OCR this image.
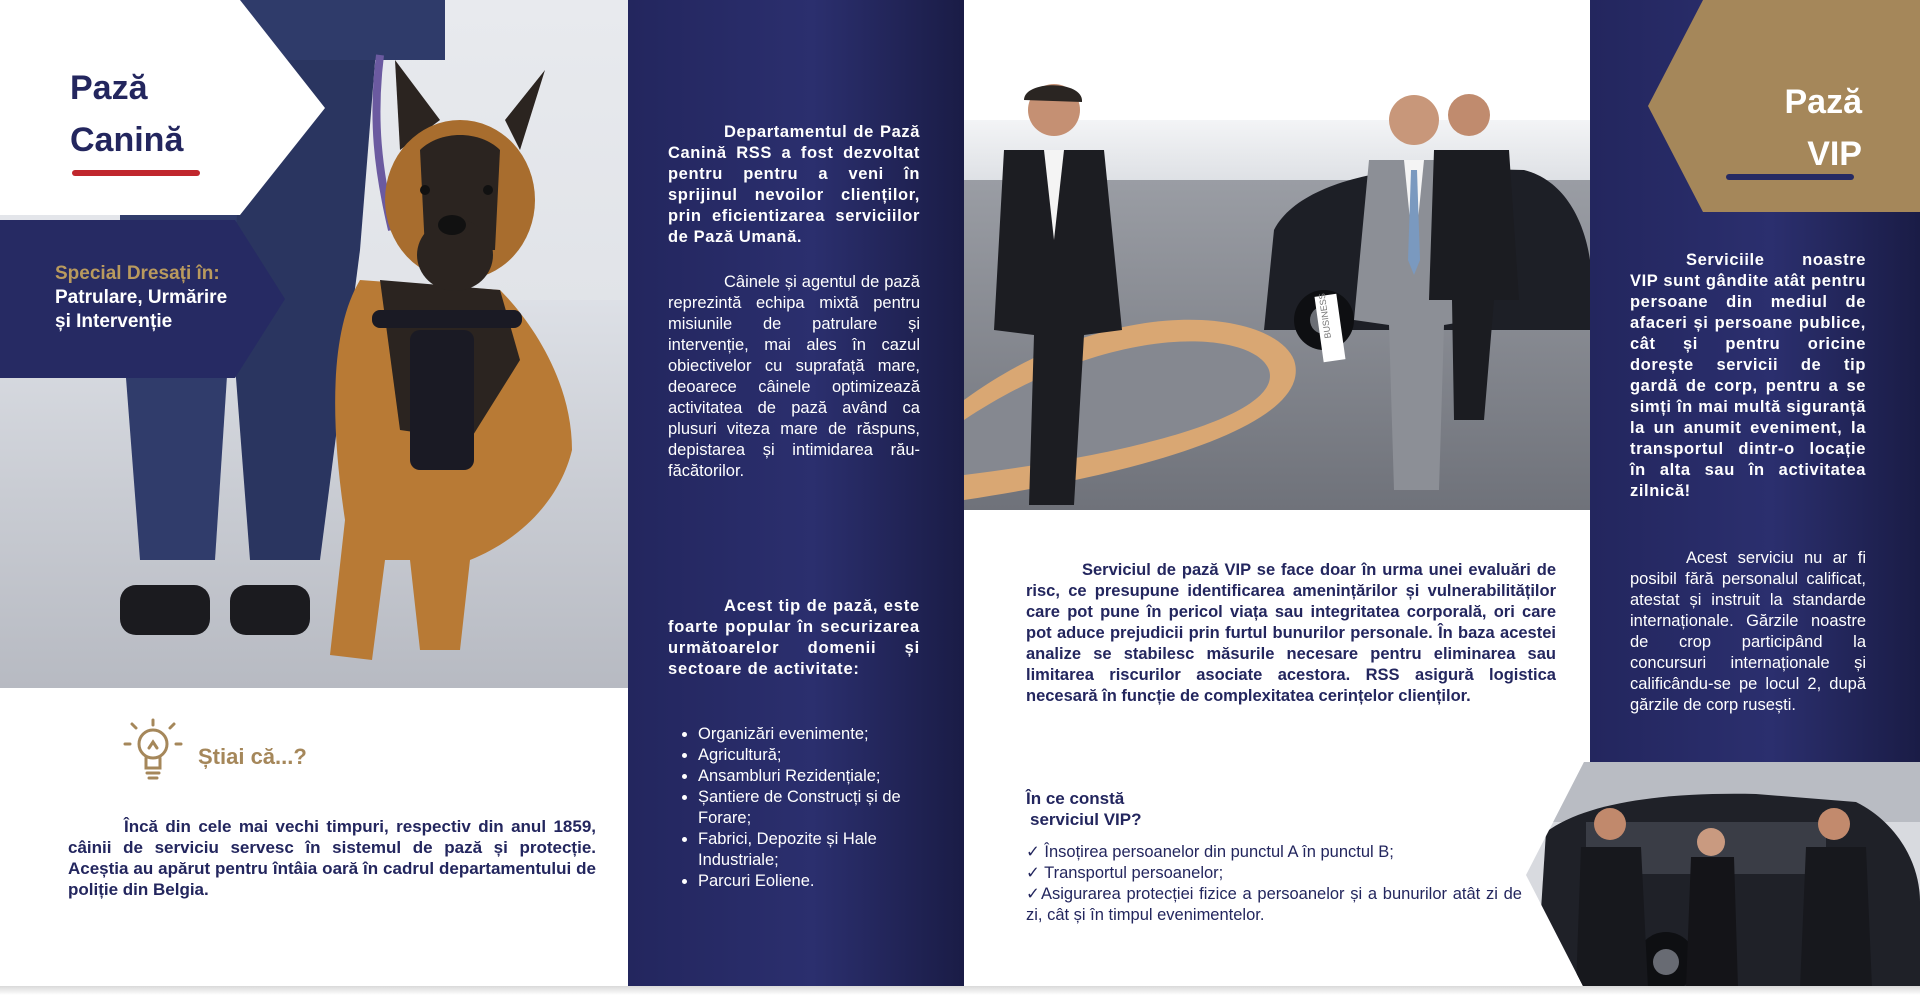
Pază
Canină
Special Dresați în:
Patrulare, Urmărire
și Intervenție
Știai că...?

Încă din cele mai vechi timpuri, respectiv din anul 1859, câinii de serviciu servesc în sistemul de pază și protecție. Aceștia au apărut pentru întâia oară în cadrul departamentului de poliție din Belgia.

Departamentul de Pază Canină RSS a fost dezvoltat pentru pentru a veni în sprijinul nevoilor clienților, prin eficientizarea serviciilor de Pază Umană.

Câinele și agentul de pază reprezintă echipa mixtă pentru misiunile de patrulare și intervenție, mai ales în cazul obiectivelor cu suprafață mare, deoarece câinele optimizează activitatea de pază având ca plusuri viteza mare de răspuns, depistarea și intimidarea rău-făcătorilor.

Acest tip de pază, este foarte popular în securizarea următoarelor domenii și sectoare de activitate:

• Organizări evenimente;
• Agricultură;
• Ansambluri Rezidențiale;
• Șantiere de Construcți și de Forare;
• Fabrici, Depozite și Hale Industriale;
• Parcuri Eoliene.
BUSINESS

Serviciul de pază VIP se face doar în urma unei evaluări de risc, ce presupune identificarea amenințărilor și vulnerabilităților care pot pune în pericol viața sau integritatea corporală, ori care pot aduce prejudicii prin furtul bunurilor personale. În baza acestei analize se stabilesc măsurile necesare pentru eliminarea sau limitarea riscurilor asociate acestora. RSS asigură logistica necesară în funcție de complexitatea cerințelor clienților.

În ce constă
serviciul VIP?
✓ Însoțirea persoanelor din punctul A în punctul B;
✓ Transportul persoanelor;
✓Asigurarea protecției fizice a persoanelor și a bunurilor atât zi de zi, cât și în timpul evenimentelor.
Pază
VIP

Serviciile noastre VIP sunt gândite atât pentru persoane din mediul de afaceri și persoane publice, cât și pentru oricine dorește servicii de tip gardă de corp, pentru a se simți în mai multă siguranță la un anumit eveniment, la transportul dintr-o locație în alta sau în activitatea zilnică!

Acest serviciu nu ar fi posibil fără personalul calificat, atestat și instruit la standarde internaționale. Gărzile noastre de crop participând la concursuri internaționale și calificându-se pe locul 2, după gărzile de corp rusești.
